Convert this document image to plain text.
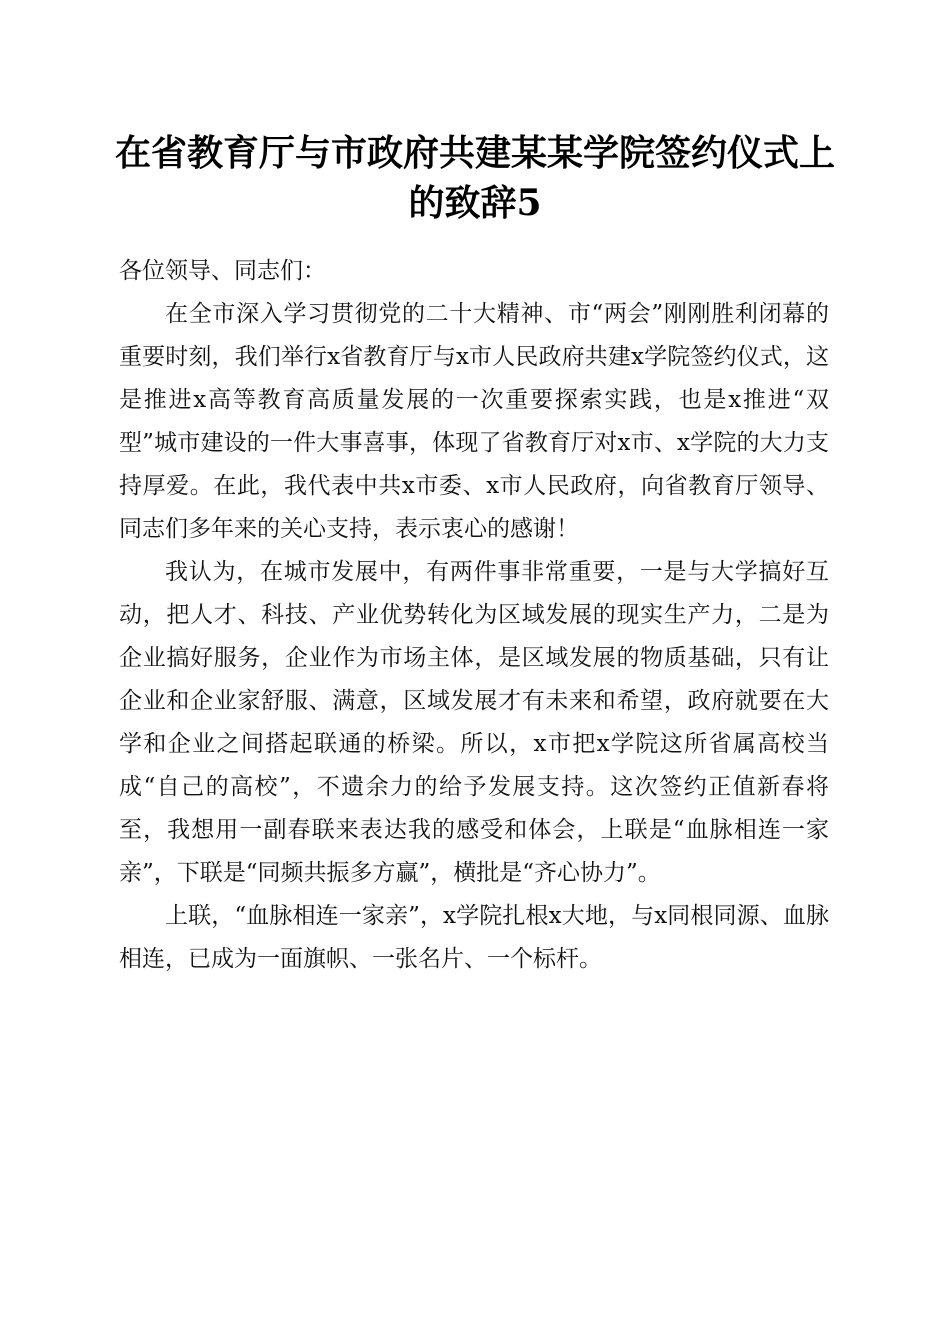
在省教育厅与市政府共建某某学院签约仪式上的致辞5

各位领导、同志们：

在全市深入学习贯彻党的二十大精神、市“两会”刚刚胜利闭幕的重要时刻，我们举行x省教育厅与x市人民政府共建x学院签约仪式，这是推进x高等教育高质量发展的一次重要探索实践，也是x推进“双型”城市建设的一件大事喜事，体现了省教育厅对x市、x学院的大力支持厚爱。在此，我代表中共x市委、x市人民政府，向省教育厅领导、同志们多年来的关心支持，表示衷心的感谢！

我认为，在城市发展中，有两件事非常重要，一是与大学搞好互动，把人才、科技、产业优势转化为区域发展的现实生产力，二是为企业搞好服务，企业作为市场主体，是区域发展的物质基础，只有让企业和企业家舒服、满意，区域发展才有未来和希望，政府就要在大学和企业之间搭起联通的桥梁。所以，x市把x学院这所省属高校当成“自己的高校”，不遗余力的给予发展支持。这次签约正值新春将至，我想用一副春联来表达我的感受和体会，上联是“血脉相连一家亲”，下联是“同频共振多方赢”，横批是“齐心协力”。

上联，“血脉相连一家亲”，x学院扎根x大地，与x同根同源、血脉相连，已成为一面旗帜、一张名片、一个标杆。
